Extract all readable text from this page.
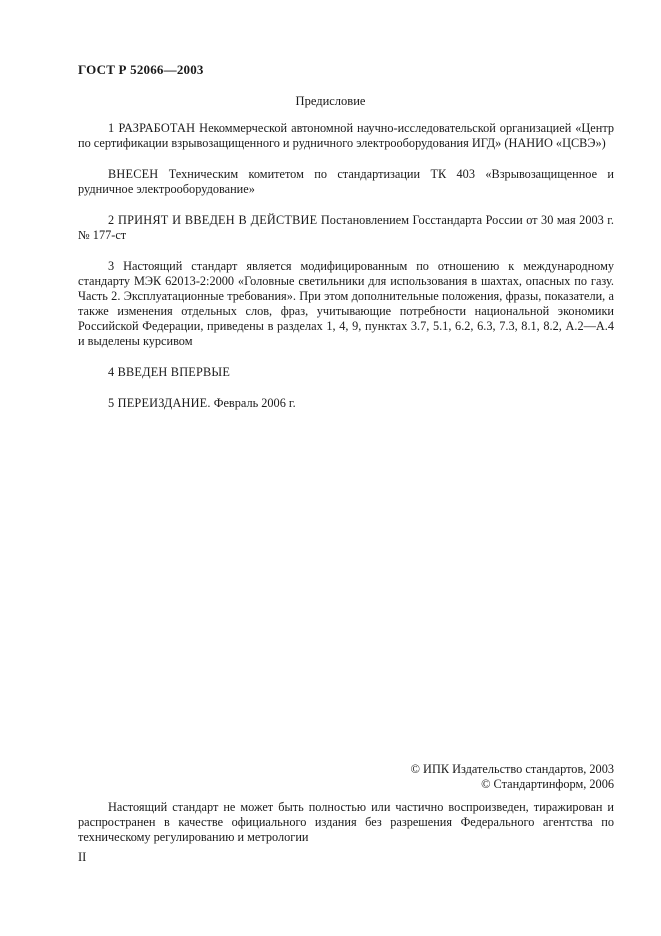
ГОСТ Р 52066—2003
Предисловие

1 РАЗРАБОТАН Некоммерческой автономной научно-исследовательской организацией «Центр по сертификации взрывозащищенного и рудничного электрооборудования ИГД» (НАНИО «ЦСВЭ»)

ВНЕСЕН Техническим комитетом по стандартизации ТК 403 «Взрывозащищенное и рудничное электрооборудование»

2 ПРИНЯТ И ВВЕДЕН В ДЕЙСТВИЕ Постановлением Госстандарта России от 30 мая 2003 г. № 177-ст

3 Настоящий стандарт является модифицированным по отношению к международному стандарту МЭК 62013-2:2000 «Головные светильники для использования в шахтах, опасных по газу. Часть 2. Эксплуатационные требования». При этом дополнительные положения, фразы, показатели, а также изменения отдельных слов, фраз, учитывающие потребности национальной экономики Российской Федерации, приведены в разделах 1, 4, 9, пунктах 3.7, 5.1, 6.2, 6.3, 7.3, 8.1, 8.2, А.2—А.4 и выделены курсивом

4 ВВЕДЕН ВПЕРВЫЕ

5 ПЕРЕИЗДАНИЕ. Февраль 2006 г.

© ИПК Издательство стандартов, 2003
© Стандартинформ, 2006

Настоящий стандарт не может быть полностью или частично воспроизведен, тиражирован и распространен в качестве официального издания без разрешения Федерального агентства по техническому регулированию и метрологии

II
